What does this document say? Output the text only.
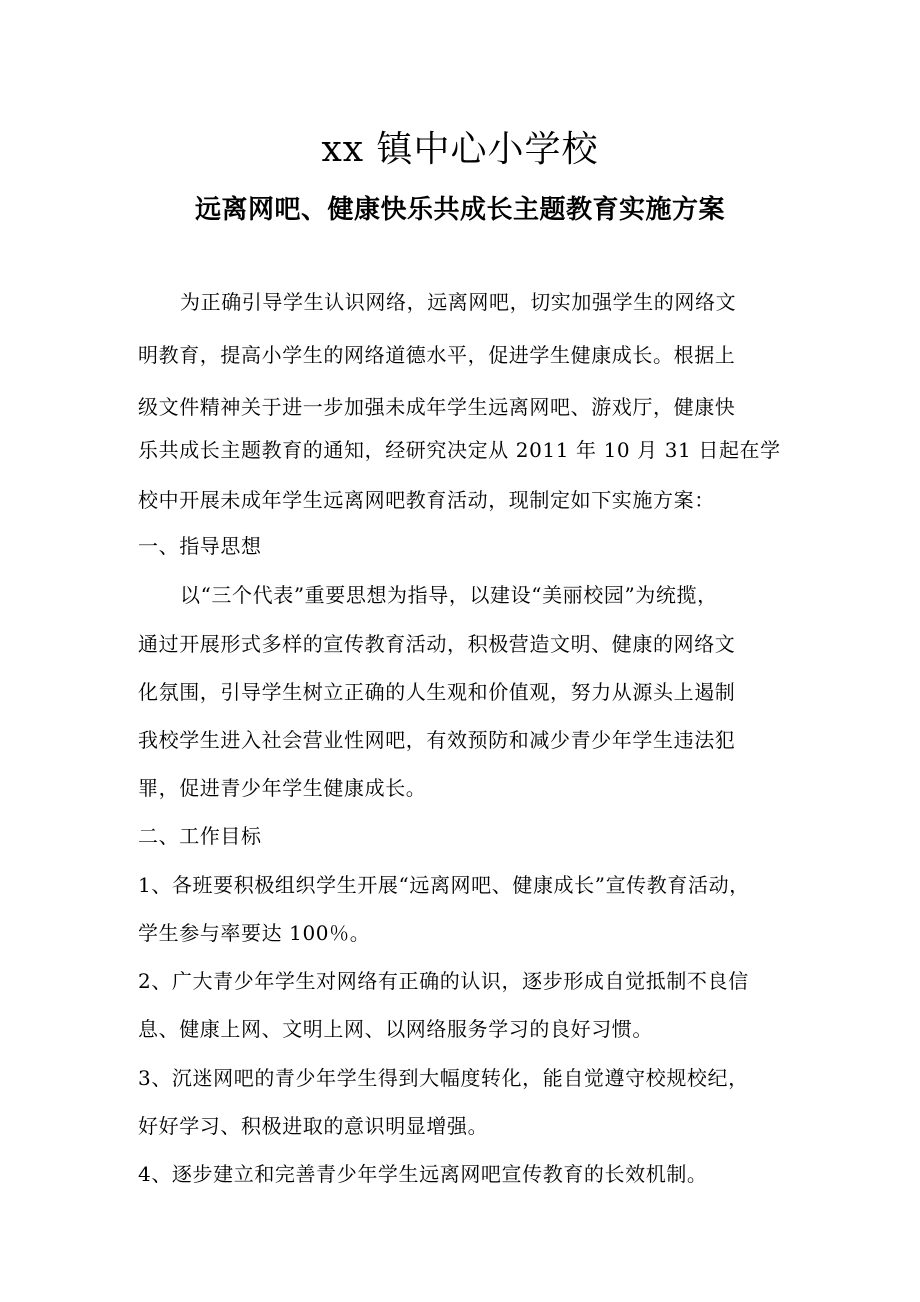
xx 镇中心小学校
远离网吧、健康快乐共成长主题教育实施方案
为正确引导学生认识网络，远离网吧，切实加强学生的网络文
明教育，提高小学生的网络道德水平，促进学生健康成长。根据上
级文件精神关于进一步加强未成年学生远离网吧、游戏厅，健康快
乐共成长主题教育的通知，经研究决定从 2011 年 10 月 31 日起在学
校中开展未成年学生远离网吧教育活动，现制定如下实施方案：
一、指导思想
以“三个代表”重要思想为指导，以建设“美丽校园”为统揽，
通过开展形式多样的宣传教育活动，积极营造文明、健康的网络文
化氛围，引导学生树立正确的人生观和价值观，努力从源头上遏制
我校学生进入社会营业性网吧，有效预防和减少青少年学生违法犯
罪，促进青少年学生健康成长。
二、工作目标
1、各班要积极组织学生开展“远离网吧、健康成长”宣传教育活动，
学生参与率要达 100％。
2、广大青少年学生对网络有正确的认识，逐步形成自觉抵制不良信
息、健康上网、文明上网、以网络服务学习的良好习惯。
3、沉迷网吧的青少年学生得到大幅度转化，能自觉遵守校规校纪，
好好学习、积极进取的意识明显增强。
4、逐步建立和完善青少年学生远离网吧宣传教育的长效机制。
